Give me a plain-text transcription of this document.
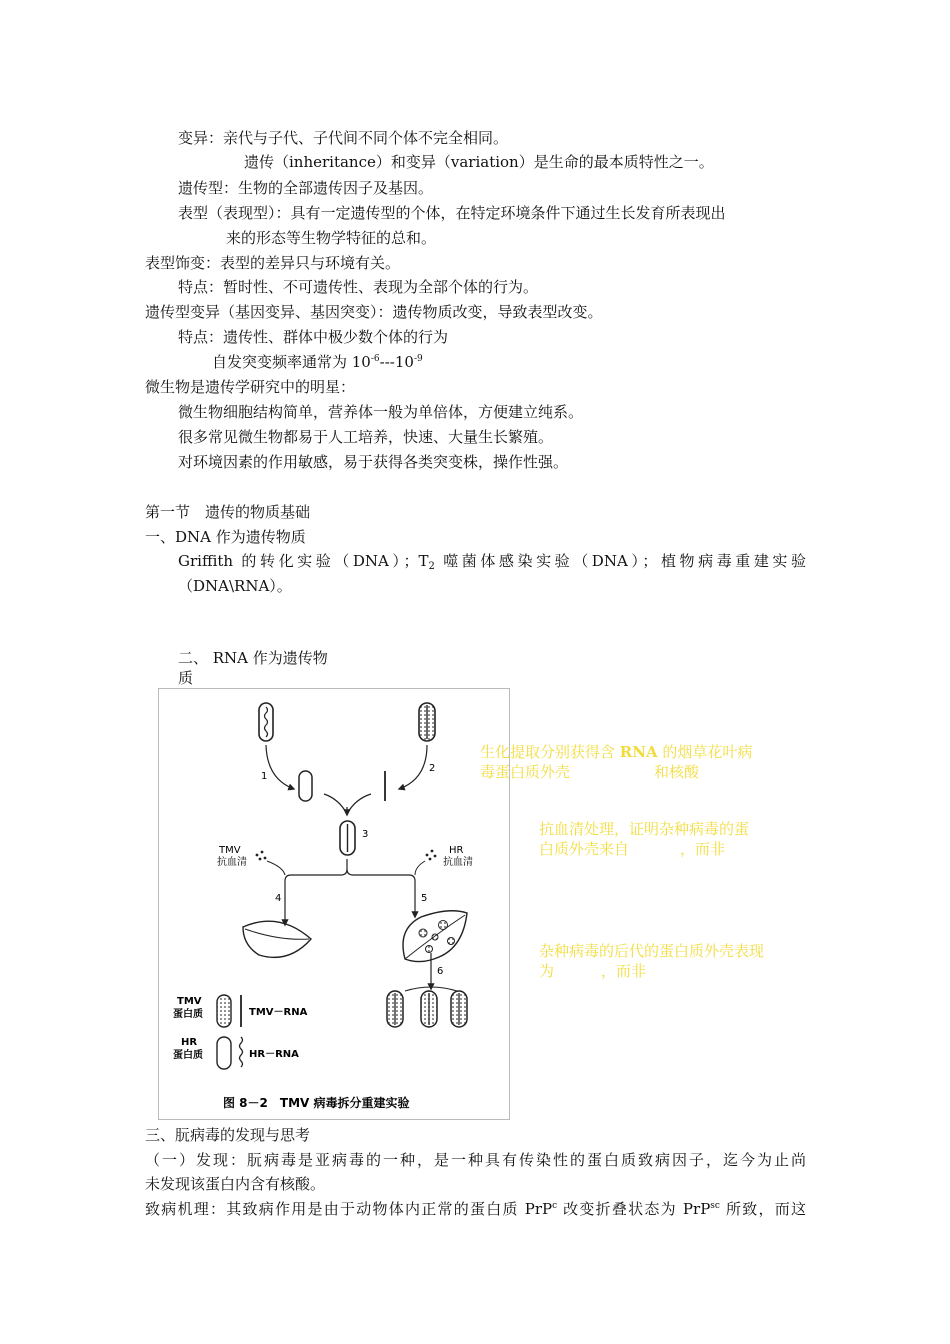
变异：亲代与子代、子代间不同个体不完全相同。
遗传（inheritance）和变异（variation）是生命的最本质特性之一。
遗传型：生物的全部遗传因子及基因。
表型（表现型）：具有一定遗传型的个体，在特定环境条件下通过生长发育所表现出
来的形态等生物学特征的总和。
表型饰变：表型的差异只与环境有关。
特点：暂时性、不可遗传性、表现为全部个体的行为。
遗传型变异（基因变异、基因突变）：遗传物质改变，导致表型改变。
特点：遗传性、群体中极少数个体的行为
自发突变频率通常为 $10^{-6}---10^{-9}$
微生物是遗传学研究中的明星：
微生物细胞结构简单，营养体一般为单倍体，方便建立纯系。
很多常见微生物都易于人工培养，快速、大量生长繁殖。
对环境因素的作用敏感，易于获得各类突变株，操作性强。
第一节　遗传的物质基础
一、DNA 作为遗传物质
Griffith 的转化实验（DNA）；$T_2$ 噬菌体感染实验（DNA）；植物病毒重建实验
（DNA\RNA）。
二、 RNA 作为遗传物
质
1
2
3
TMV
抗血清
HR
抗血清
4	5
6
TMV
蛋白质	TMV－RNA
HR
蛋白质	HR－RNA
图 8－2　TMV 病毒拆分重建实验
生化提取分别获得含 RNA 的烟草花叶病
毒蛋白质外壳	和核酸
抗血清处理，证明杂种病毒的蛋
白质外壳来自	，而非
杂种病毒的后代的蛋白质外壳表现
为	，而非
三、朊病毒的发现与思考
（一）发现：朊病毒是亚病毒的一种，是一种具有传染性的蛋白质致病因子，迄今为止尚
未发现该蛋白内含有核酸。
致病机理：其致病作用是由于动物体内正常的蛋白质 PrP$^c$ 改变折叠状态为 PrP$^{sc}$ 所致，而这
